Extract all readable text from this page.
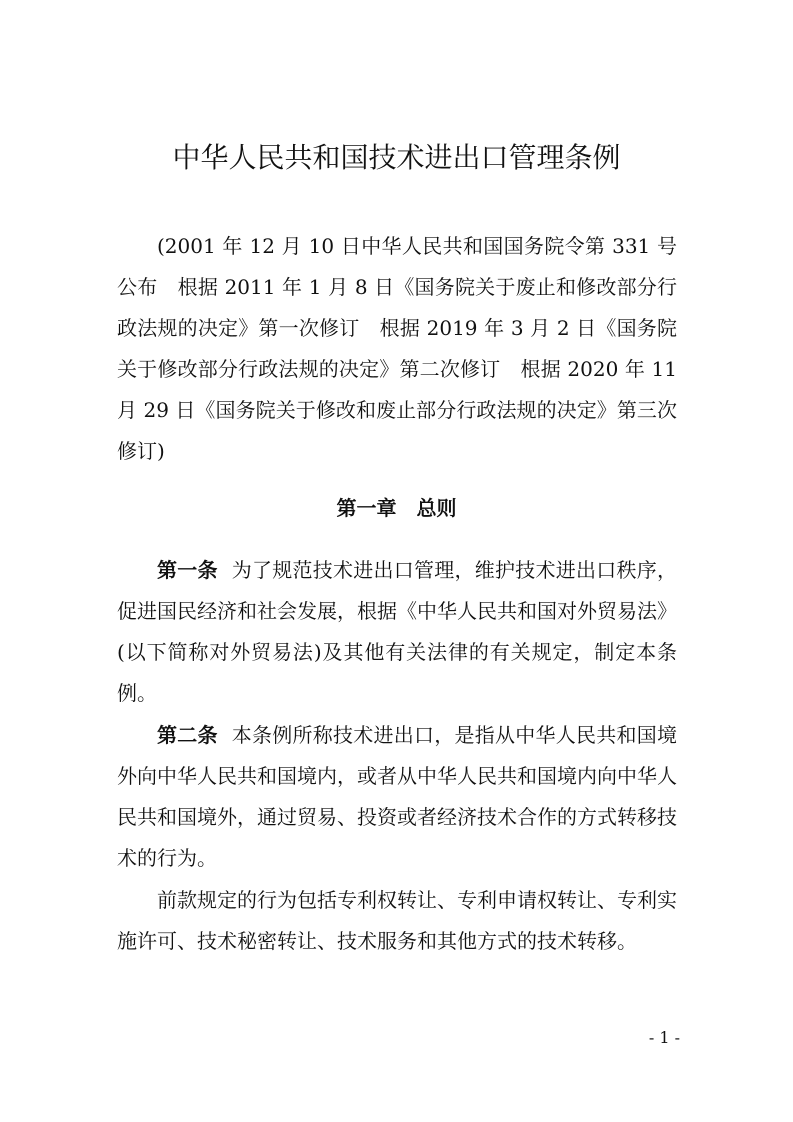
中华人民共和国技术进出口管理条例

(2001 年 12 月 10 日中华人民共和国国务院令第 331 号公布　根据 2011 年 1 月 8 日《国务院关于废止和修改部分行政法规的决定》第一次修订　根据 2019 年 3 月 2 日《国务院关于修改部分行政法规的决定》第二次修订　根据 2020 年 11 月 29 日《国务院关于修改和废止部分行政法规的决定》第三次修订)

第一章　总则

第一条 为了规范技术进出口管理，维护技术进出口秩序，促进国民经济和社会发展，根据《中华人民共和国对外贸易法》(以下简称对外贸易法)及其他有关法律的有关规定，制定本条例。

第二条 本条例所称技术进出口，是指从中华人民共和国境外向中华人民共和国境内，或者从中华人民共和国境内向中华人民共和国境外，通过贸易、投资或者经济技术合作的方式转移技术的行为。

前款规定的行为包括专利权转让、专利申请权转让、专利实施许可、技术秘密转让、技术服务和其他方式的技术转移。

- 1 -
